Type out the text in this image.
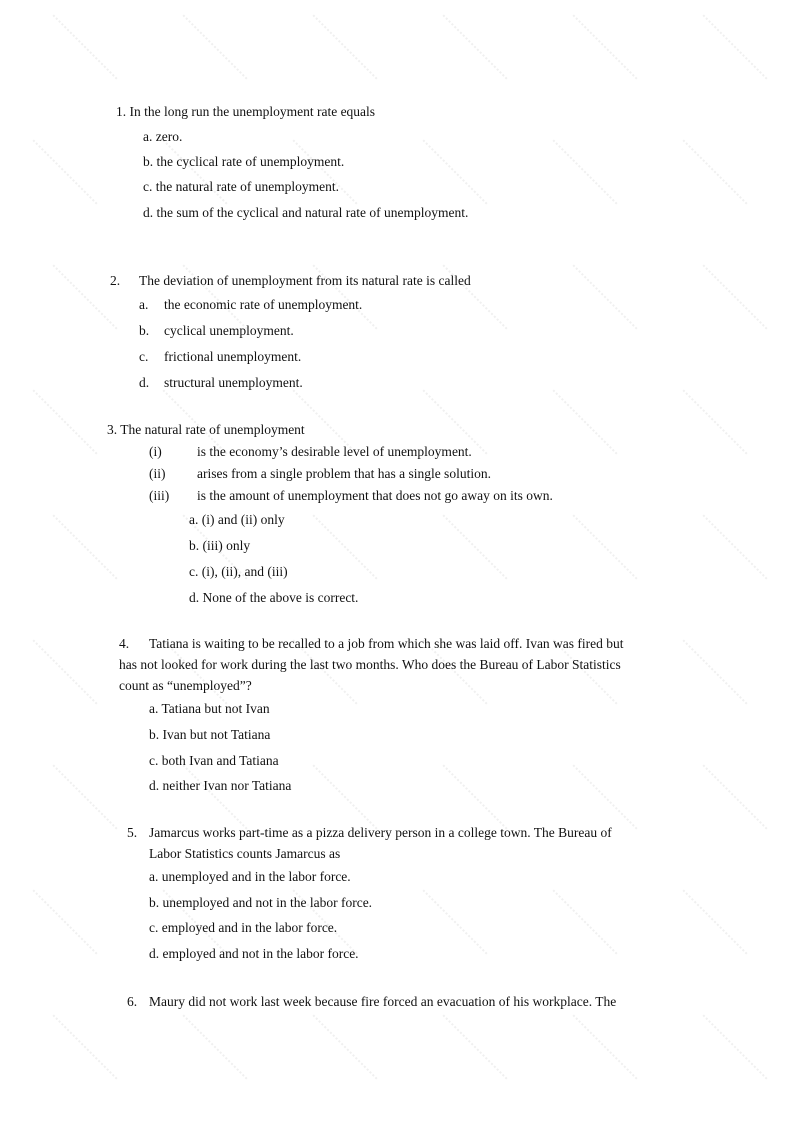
1. In the long run the unemployment rate equals
a. zero.
b. the cyclical rate of unemployment.
c. the natural rate of unemployment.
d. the sum of the cyclical and natural rate of unemployment.
2. The deviation of unemployment from its natural rate is called
a. the economic rate of unemployment.
b. cyclical unemployment.
c. frictional unemployment.
d. structural unemployment.
3. The natural rate of unemployment
(i)	is the economy’s desirable level of unemployment.
(ii) arises from a single problem that has a single solution.
(iii) is the amount of unemployment that does not go away on its own.
a. (i) and (ii) only
b. (iii) only
c. (i), (ii), and (iii)
d. None of the above is correct.
4. Tatiana is waiting to be recalled to a job from which she was laid off. Ivan was fired but
has not looked for work during the last two months. Who does the Bureau of Labor Statistics
count as “unemployed”?
a. Tatiana but not Ivan
b. Ivan but not Tatiana
c. both Ivan and Tatiana
d. neither Ivan nor Tatiana
5. Jamarcus works part-time as a pizza delivery person in a college town. The Bureau of
Labor Statistics counts Jamarcus as
a. unemployed and in the labor force.
b. unemployed and not in the labor force.
c. employed and in the labor force.
d. employed and not in the labor force.
6. Maury did not work last week because fire forced an evacuation of his workplace. The
